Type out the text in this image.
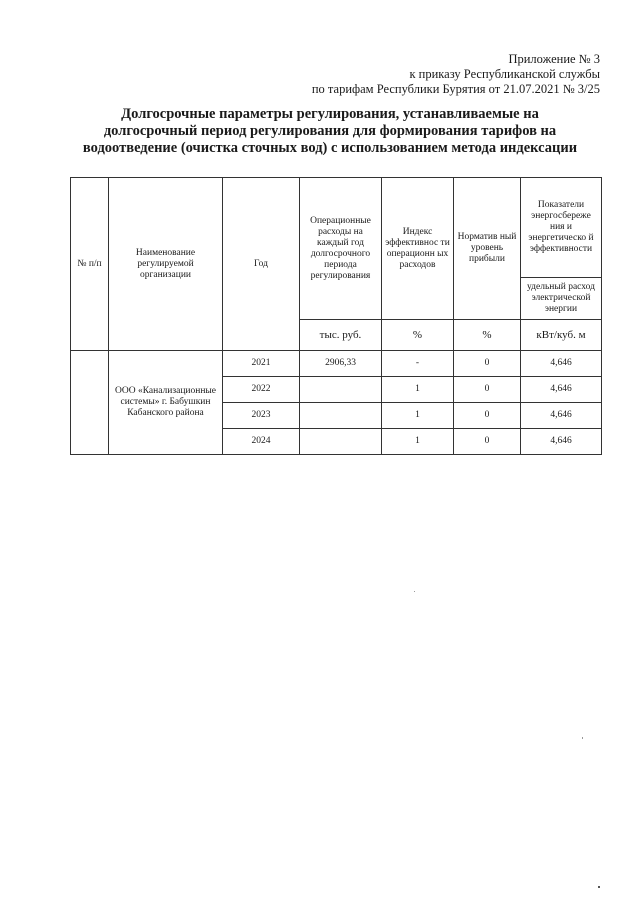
Приложение № 3
к приказу Республиканской службы
по тарифам Республики Бурятия от 21.07.2021 № 3/25
Долгосрочные параметры регулирования, устанавливаемые на
долгосрочный период регулирования для формирования тарифов на
водоотведение (очистка сточных вод) с использованием метода индексации
№ п/п	Наименование регулируемой организации	Год	Операционные расходы на каждый год долгосрочного периода регулирования	Индекс эффективнос ти операционн ых расходов	Норматив ный уровень прибыли	Показатели энергосбереже ния и энергетическо й эффективности
						удельный расход электрической энергии
			тыс. руб.	%	%	кВт/куб. м
	ООО «Канализационные системы» г. Бабушкин Кабанского района	2021	2906,33	-	0	4,646
		2022		1	0	4,646
		2023		1	0	4,646
		2024		1	0	4,646
